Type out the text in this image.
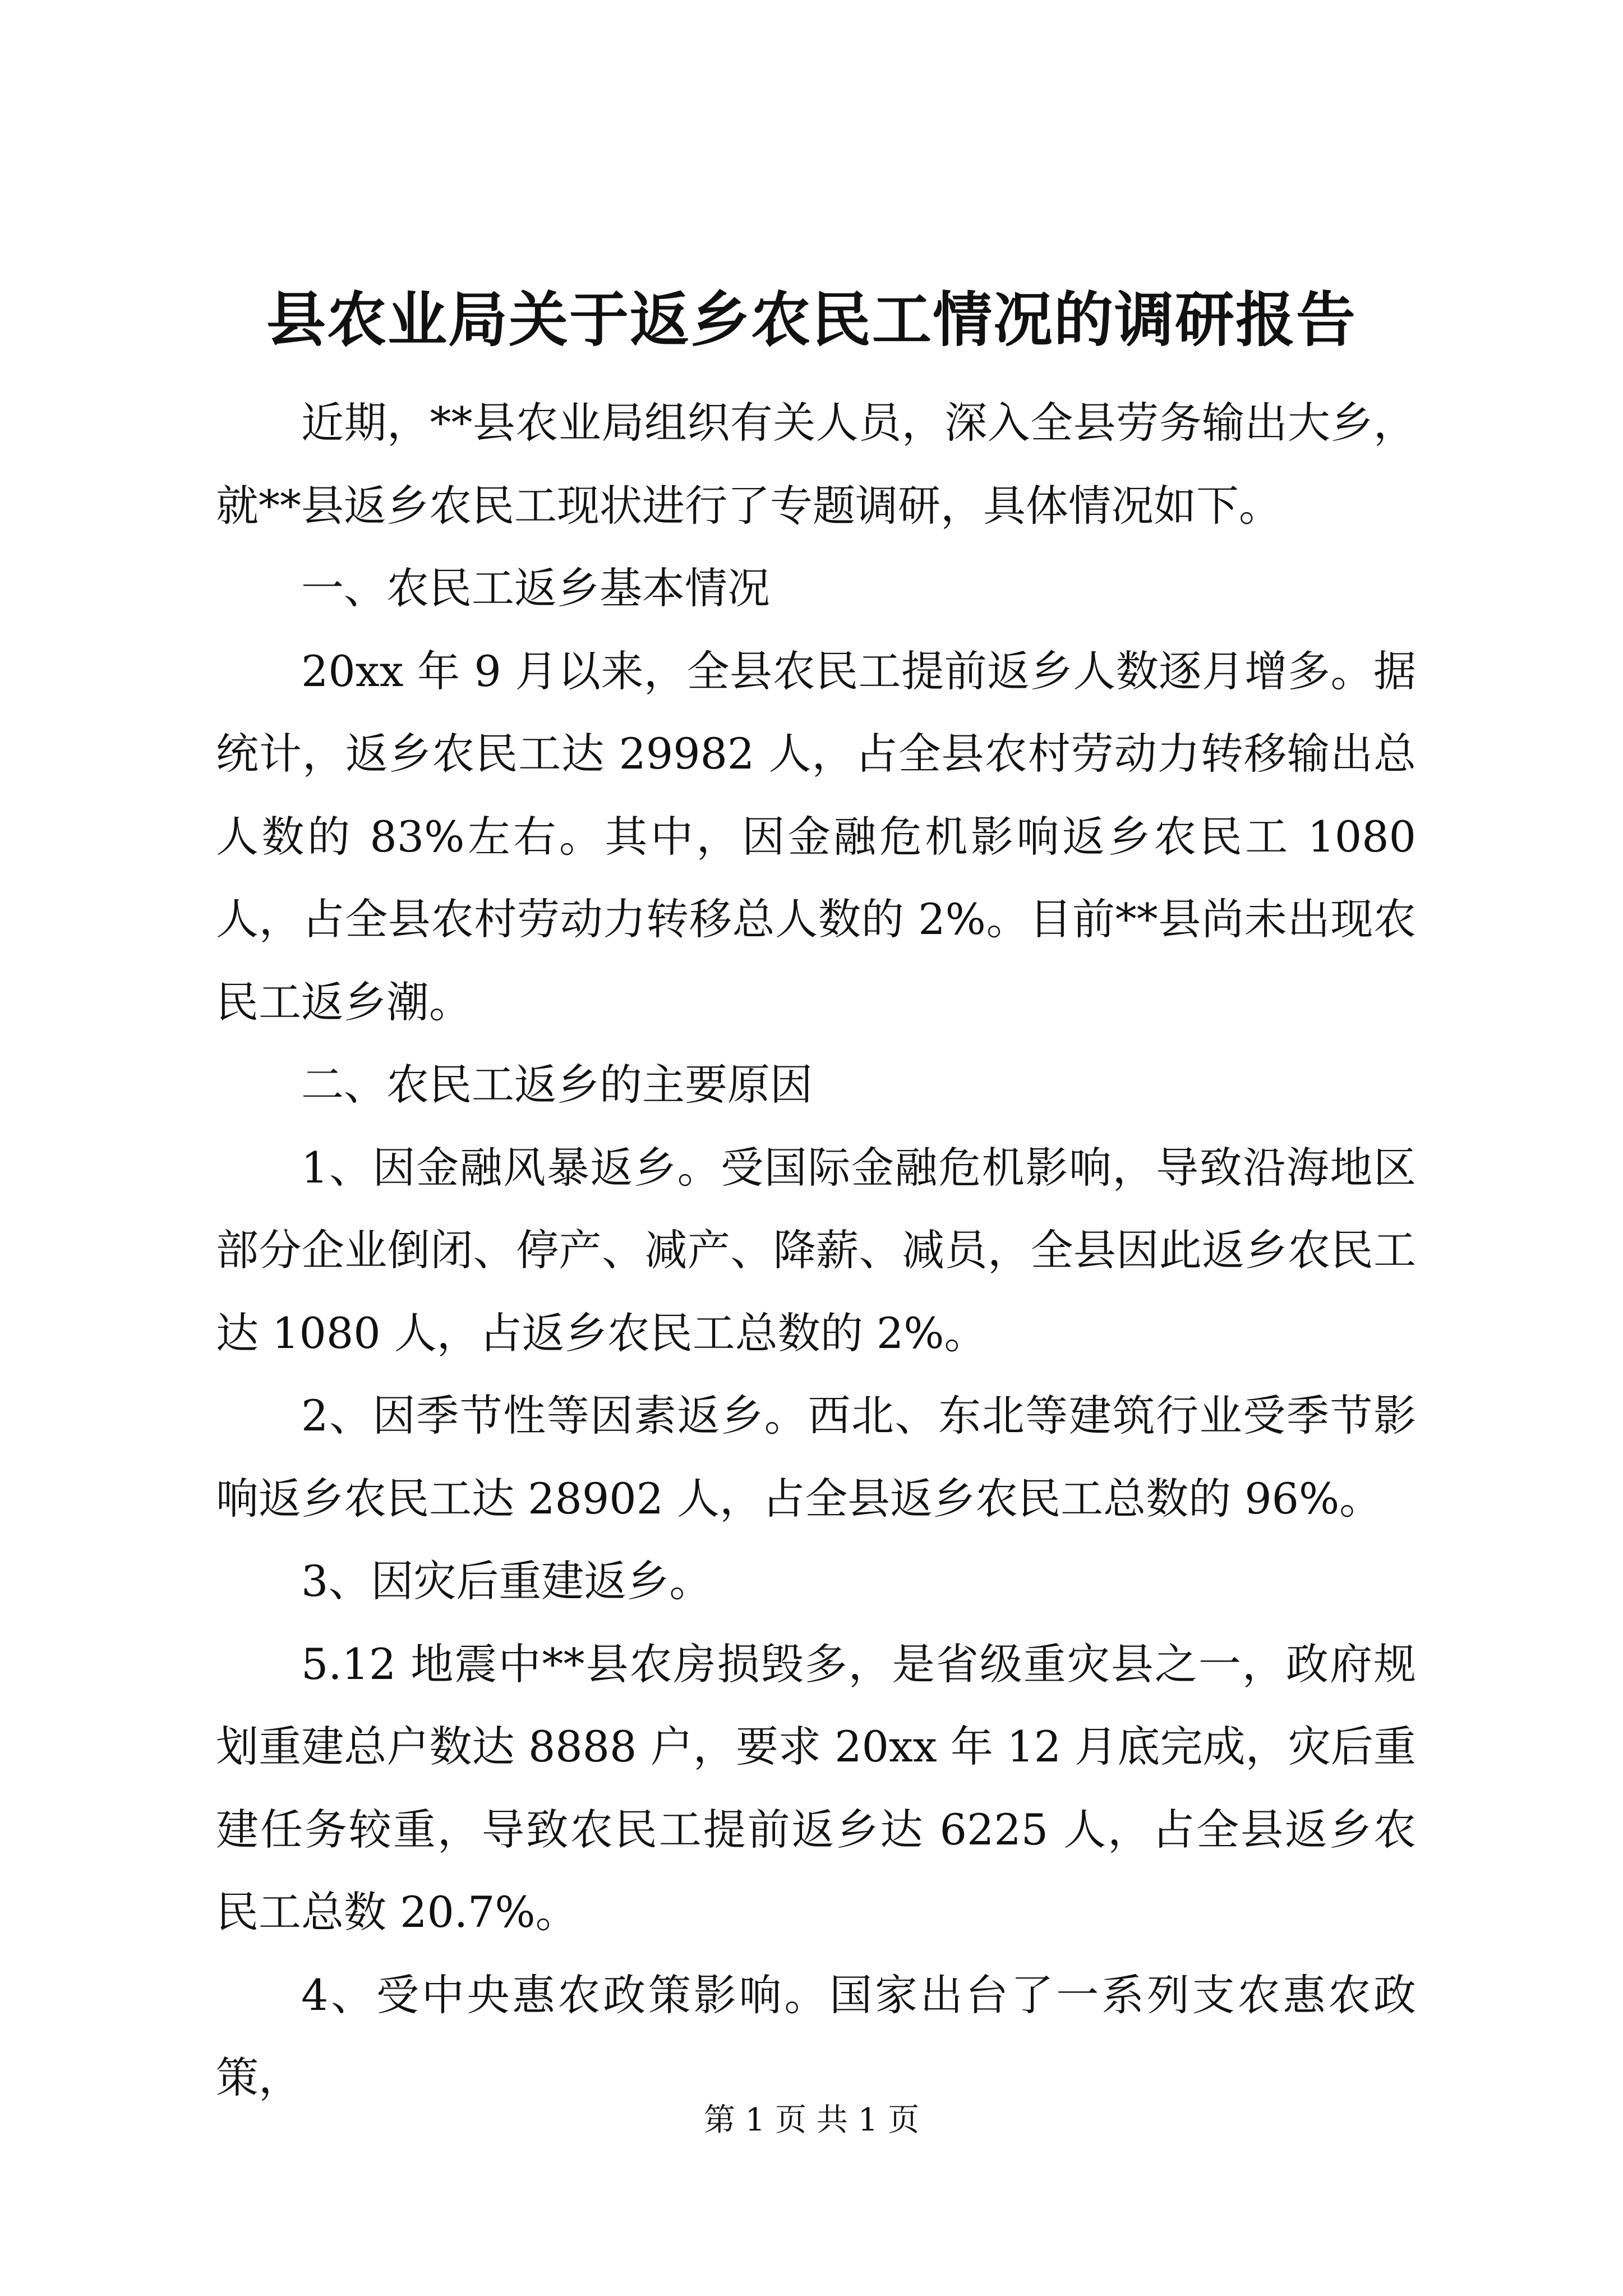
县农业局关于返乡农民工情况的调研报告

近期，**县农业局组织有关人员，深入全县劳务输出大乡，就**县返乡农民工现状进行了专题调研，具体情况如下。

一、农民工返乡基本情况

20xx 年 9 月以来，全县农民工提前返乡人数逐月增多。据统计，返乡农民工达 29982 人，占全县农村劳动力转移输出总人数的 83%左右。其中，因金融危机影响返乡农民工 1080 人，占全县农村劳动力转移总人数的 2%。目前**县尚未出现农民工返乡潮。

二、农民工返乡的主要原因

1、因金融风暴返乡。受国际金融危机影响，导致沿海地区部分企业倒闭、停产、减产、降薪、减员，全县因此返乡农民工达 1080 人，占返乡农民工总数的 2%。

2、因季节性等因素返乡。西北、东北等建筑行业受季节影响返乡农民工达 28902 人，占全县返乡农民工总数的 96%。

3、因灾后重建返乡。

5.12 地震中**县农房损毁多，是省级重灾县之一，政府规划重建总户数达 8888 户，要求 20xx 年 12 月底完成，灾后重建任务较重，导致农民工提前返乡达 6225 人，占全县返乡农民工总数 20.7%。

4、受中央惠农政策影响。国家出台了一系列支农惠农政策，

第 1 页 共 1 页
